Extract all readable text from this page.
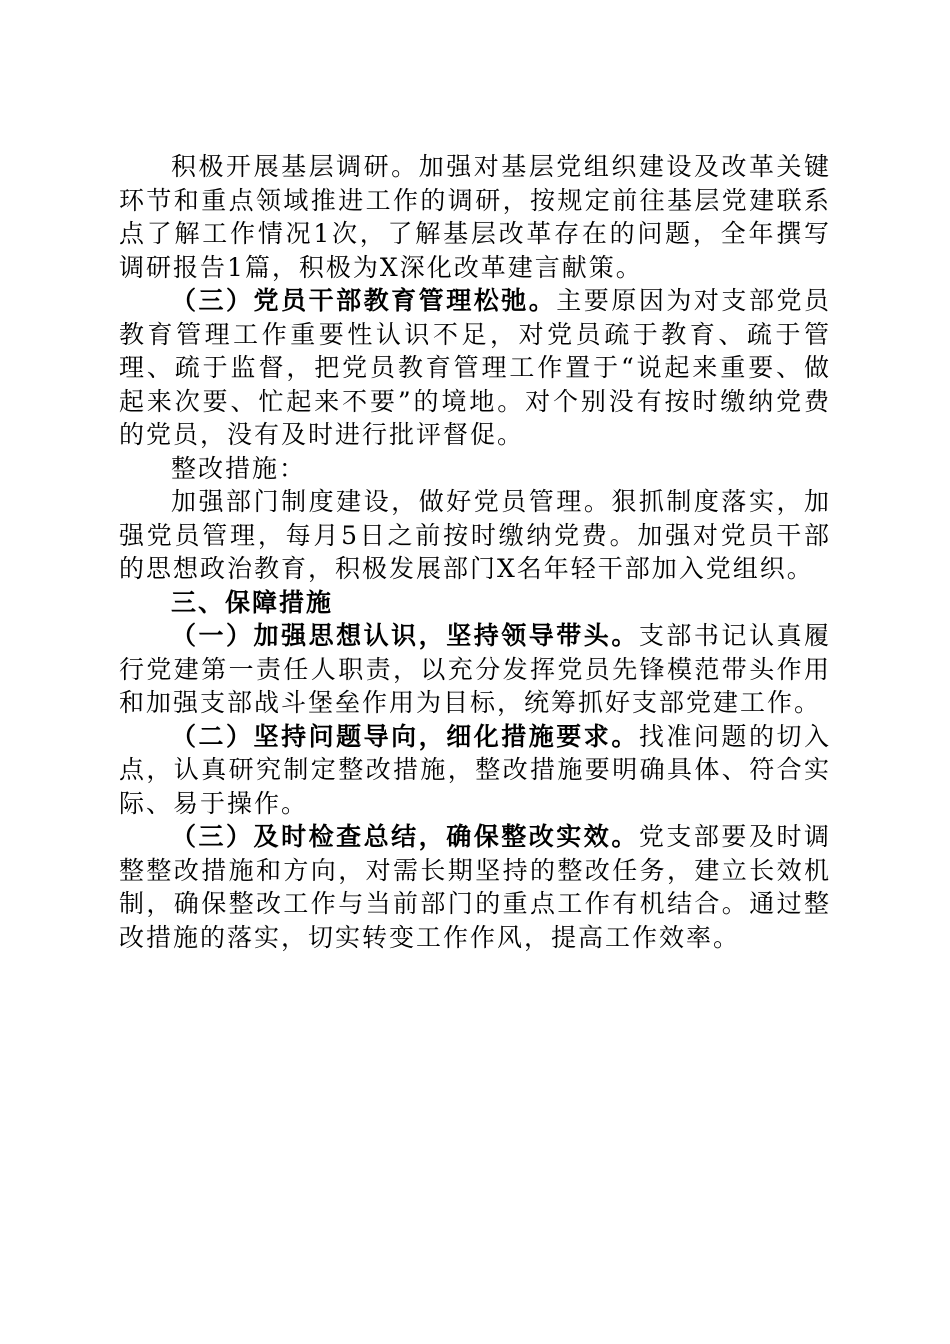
积极开展基层调研。加强对基层党组织建设及改革关键环节和重点领域推进工作的调研，按规定前往基层党建联系点了解工作情况1次，了解基层改革存在的问题，全年撰写调研报告1篇，积极为X深化改革建言献策。

（三）党员干部教育管理松弛。主要原因为对支部党员教育管理工作重要性认识不足，对党员疏于教育、疏于管理、疏于监督，把党员教育管理工作置于“说起来重要、做起来次要、忙起来不要”的境地。对个别没有按时缴纳党费的党员，没有及时进行批评督促。

整改措施：

加强部门制度建设，做好党员管理。狠抓制度落实，加强党员管理，每月5日之前按时缴纳党费。加强对党员干部的思想政治教育，积极发展部门X名年轻干部加入党组织。

三、保障措施

（一）加强思想认识，坚持领导带头。支部书记认真履行党建第一责任人职责，以充分发挥党员先锋模范带头作用和加强支部战斗堡垒作用为目标，统筹抓好支部党建工作。

（二）坚持问题导向，细化措施要求。找准问题的切入点，认真研究制定整改措施，整改措施要明确具体、符合实际、易于操作。

（三）及时检查总结，确保整改实效。党支部要及时调整整改措施和方向，对需长期坚持的整改任务，建立长效机制，确保整改工作与当前部门的重点工作有机结合。通过整改措施的落实，切实转变工作作风，提高工作效率。
